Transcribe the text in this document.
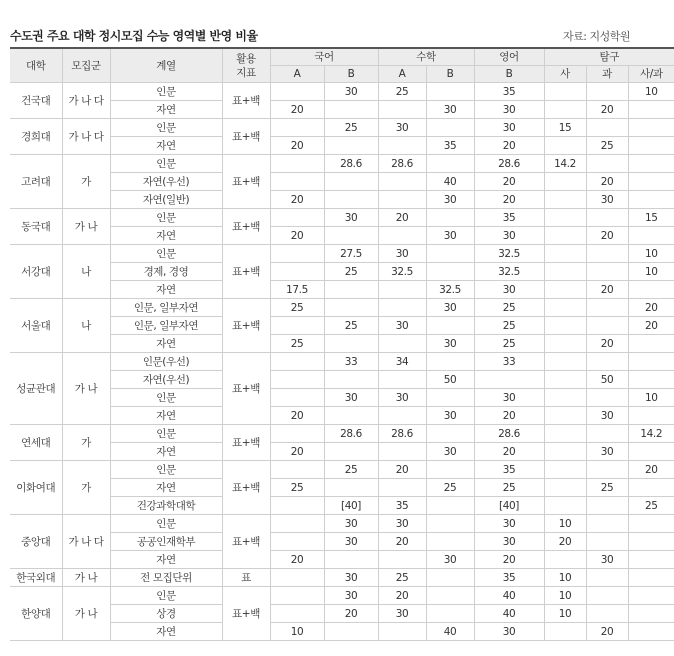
수도권 주요 대학 정시모집 수능 영역별 반영 비율	자료: 지성학원
대학	모집군	계열	활용
지표	국어		수학		영어	탐구		
				A	B	A	B	B	사	과	사/과
건국대	가 나 다	인문	표+백		30	25		35			10
		자연		20			30	30		20	
경희대	가 나 다	인문	표+백		25	30		30	15		
		자연		20			35	20		25	
고려대	가	인문	표+백		28.6	28.6		28.6	14.2		
		자연(우선)					40	20		20	
		자연(일반)		20			30	20		30	
동국대	가 나	인문	표+백		30	20		35			15
		자연		20			30	30		20	
서강대	나	인문	표+백		27.5	30		32.5			10
		경제, 경영			25	32.5		32.5			10
		자연		17.5			32.5	30		20	
서울대	나	인문, 일부자연	표+백	25			30	25			20
		인문, 일부자연			25	30		25			20
		자연		25			30	25		20	
성균관대	가 나	인문(우선)	표+백		33	34		33			
		자연(우선)					50			50	
		인문			30	30		30			10
		자연		20			30	20		30	
연세대	가	인문	표+백		28.6	28.6		28.6			14.2
		자연		20			30	20		30	
이화여대	가	인문	표+백		25	20		35			20
		자연		25			25	25		25	
		건강과학대학			[40]	35		[40]			25
중앙대	가 나 다	인문	표+백		30	30		30	10		
		공공인재학부			30	20		30	20		
		자연		20			30	20		30	
한국외대	가 나	전 모집단위	표		30	25		35	10		
한양대	가 나	인문	표+백		30	20		40	10		
		상경			20	30		40	10		
		자연		10			40	30		20	
